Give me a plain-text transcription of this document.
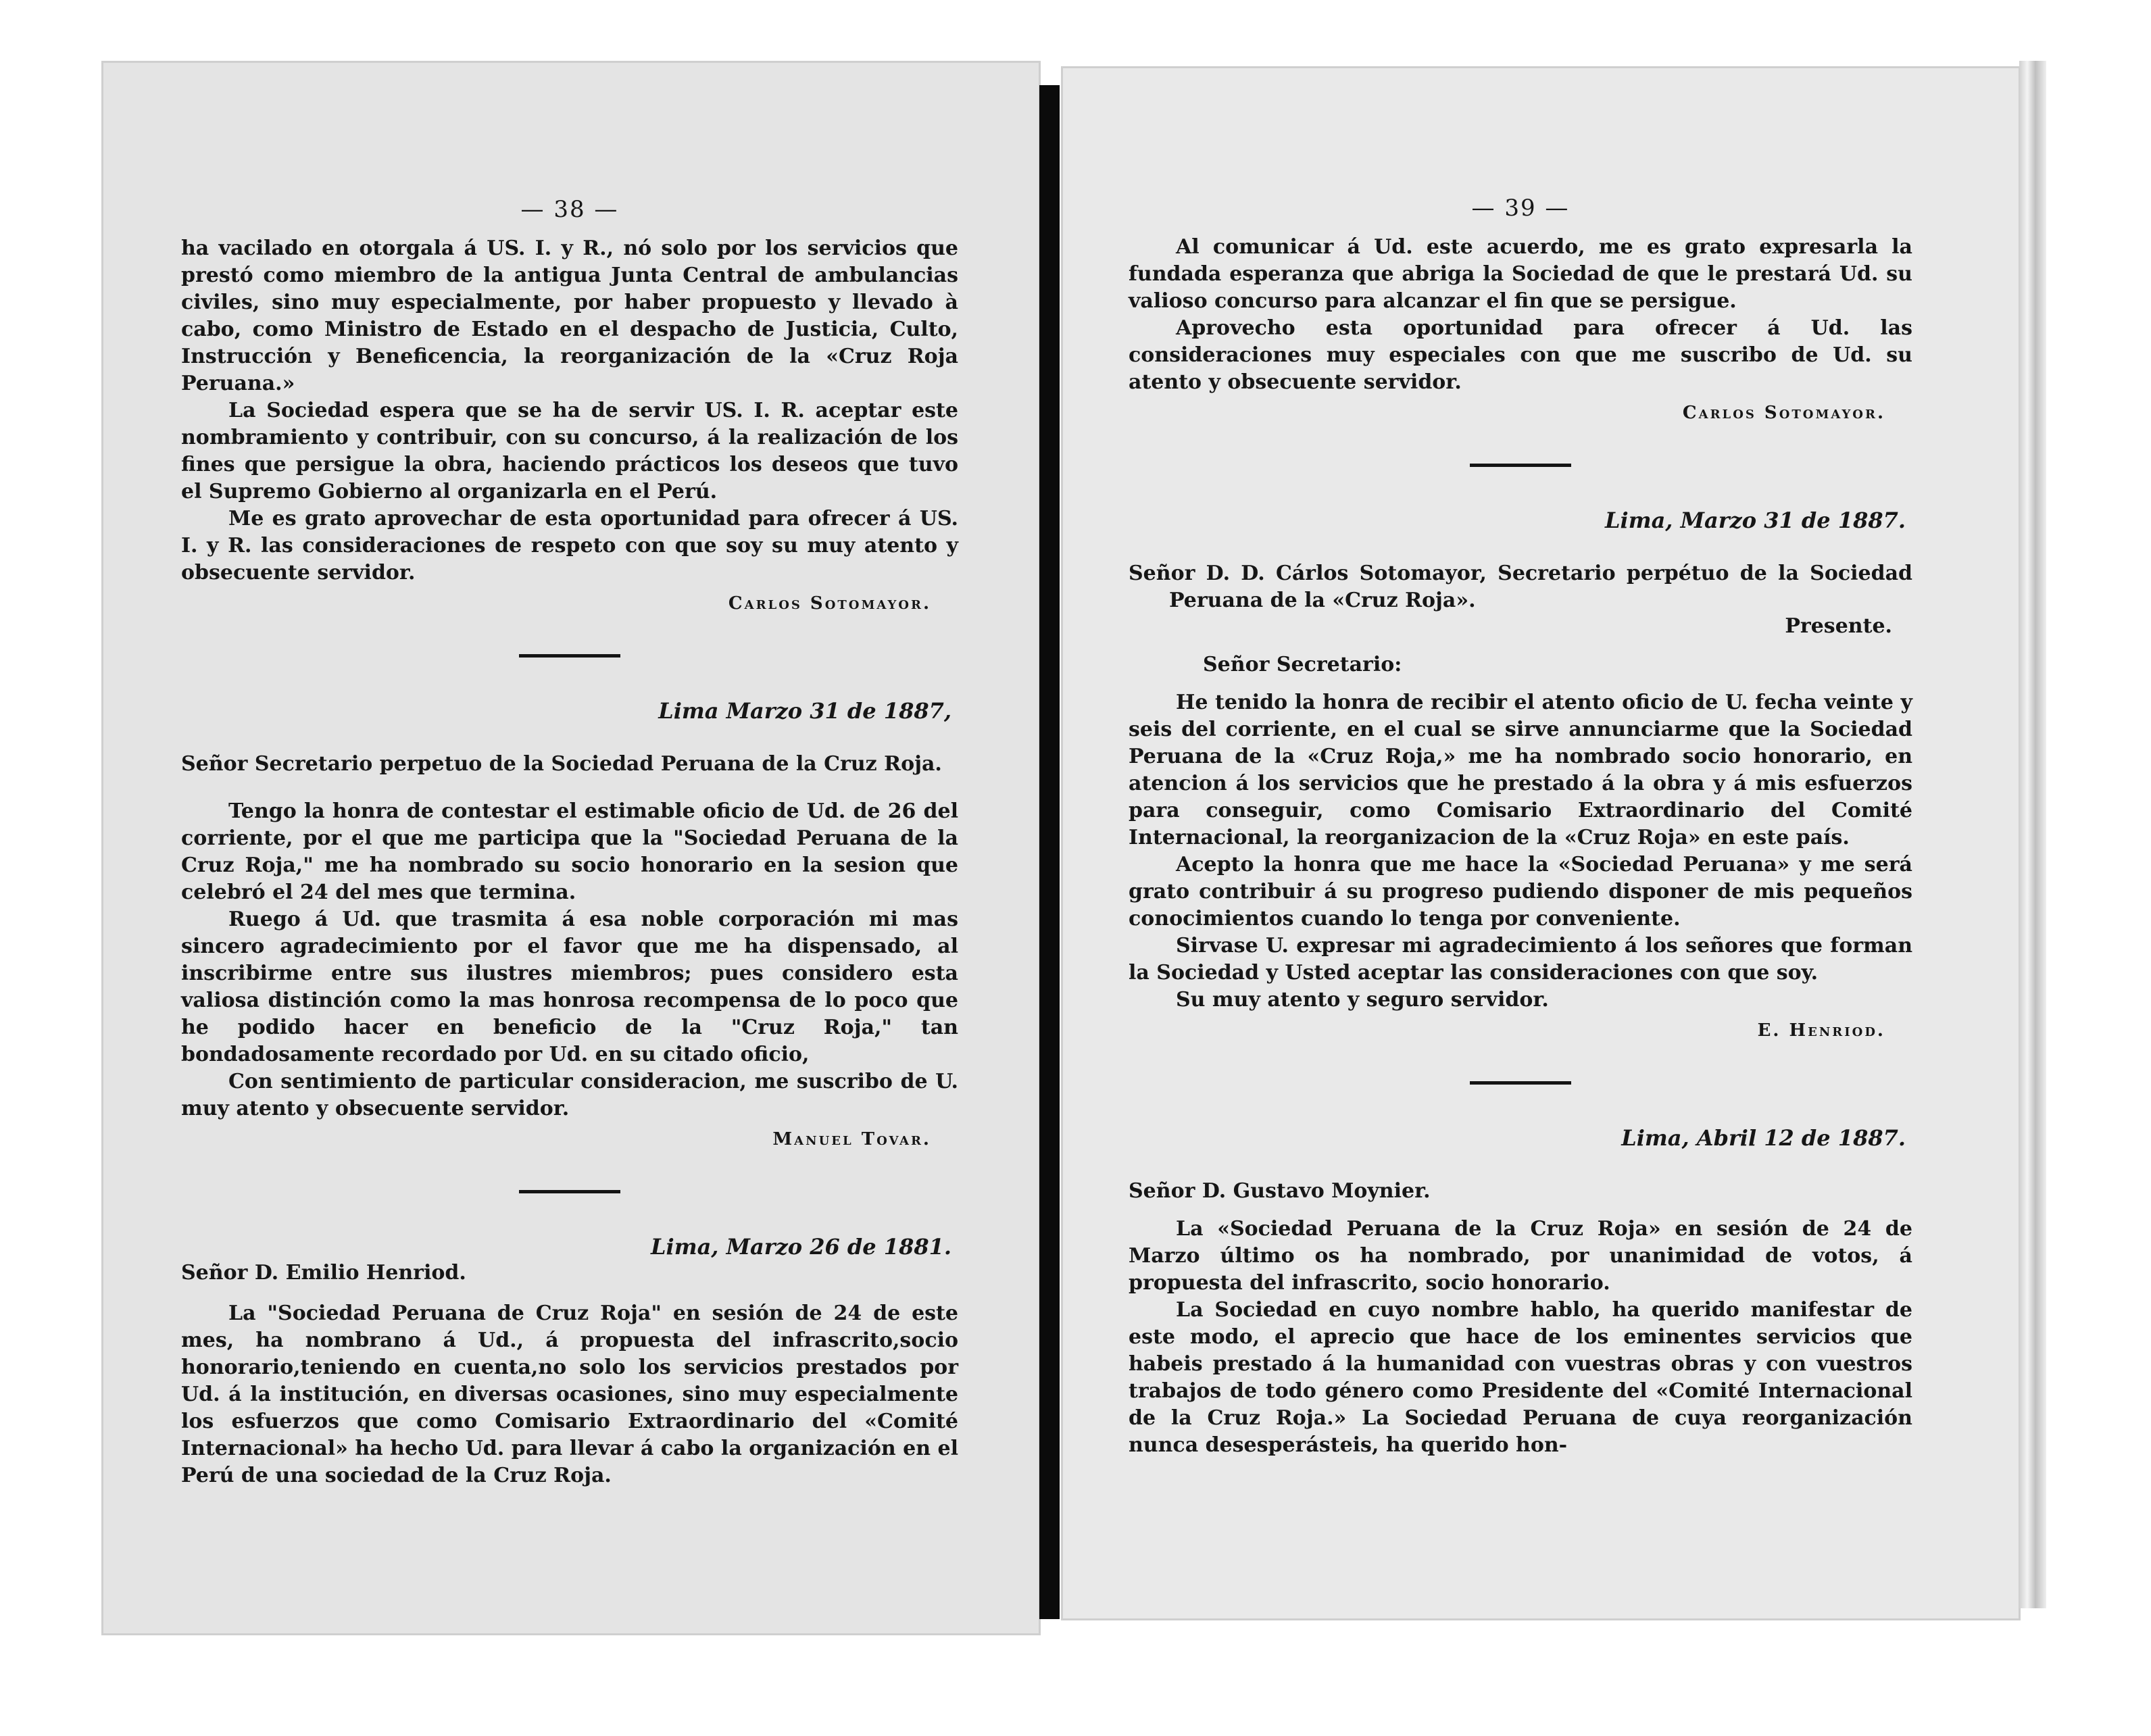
— 38 —

ha vacilado en otorgala á US. I. y R., nó solo por los servicios que prestó como miembro de la antigua Junta Central de ambulancias civiles, sino muy especialmente, por haber propuesto y llevado à cabo, como Ministro de Estado en el despacho de Justicia, Culto, Instrucción y Beneficencia, la reorganización de la «Cruz Roja Peruana.»

La Sociedad espera que se ha de servir US. I. R. aceptar este nombramiento y contribuir, con su concurso, á la realización de los fines que persigue la obra, haciendo prácticos los deseos que tuvo el Supremo Gobierno al organizarla en el Perú.

Me es grato aprovechar de esta oportunidad para ofrecer á US. I. y R. las consideraciones de respeto con que soy su muy atento y obsecuente servidor.

Carlos Sotomayor.
Lima Marzo 31 de 1887,

Señor Secretario perpetuo de la Sociedad Peruana de la Cruz Roja.

Tengo la honra de contestar el estimable oficio de Ud. de 26 del corriente, por el que me participa que la "Sociedad Peruana de la Cruz Roja," me ha nombrado su socio honorario en la sesion que celebró el 24 del mes que termina.

Ruego á Ud. que trasmita á esa noble corporación mi mas sincero agradecimiento por el favor que me ha dispensado, al inscribirme entre sus ilustres miembros; pues considero esta valiosa distinción como la mas honrosa recompensa de lo poco que he podido hacer en beneficio de la "Cruz Roja," tan bondadosamente recordado por Ud. en su citado oficio,

Con sentimiento de particular consideracion, me suscribo de U. muy atento y obsecuente servidor.

Manuel Tovar.
Lima, Marzo 26 de 1881.

Señor D. Emilio Henriod.

La "Sociedad Peruana de Cruz Roja" en sesión de 24 de este mes, ha nombrano á Ud., á propuesta del infrascrito,socio honorario,teniendo en cuenta,no solo los servicios prestados por Ud. á la institución, en diversas ocasiones, sino muy especialmente los esfuerzos que como Comisario Extraordinario del «Comité Internacional» ha hecho Ud. para llevar á cabo la organización en el Perú de una sociedad de la Cruz Roja.

— 39 —

Al comunicar á Ud. este acuerdo, me es grato expresarla la fundada esperanza que abriga la Sociedad de que le prestará Ud. su valioso concurso para alcanzar el fin que se persigue.

Aprovecho esta oportunidad para ofrecer á Ud. las consideraciones muy especiales con que me suscribo de Ud. su atento y obsecuente servidor.

Carlos Sotomayor.
Lima, Marzo 31 de 1887.

Señor D. D. Cárlos Sotomayor, Secretario perpétuo de la Sociedad Peruana de la «Cruz Roja».

Presente.

Señor Secretario:

He tenido la honra de recibir el atento oficio de U. fecha veinte y seis del corriente, en el cual se sirve annunciarme que la Sociedad Peruana de la «Cruz Roja,» me ha nombrado socio honorario, en atencion á los servicios que he prestado á la obra y á mis esfuerzos para conseguir, como Comisario Extraordinario del Comité Internacional, la reorganizacion de la «Cruz Roja» en este país.

Acepto la honra que me hace la «Sociedad Peruana» y me será grato contribuir á su progreso pudiendo disponer de mis pequeños conocimientos cuando lo tenga por conveniente.

Sirvase U. expresar mi agradecimiento á los señores que forman la Sociedad y Usted aceptar las consideraciones con que soy.

Su muy atento y seguro servidor.

E. Henriod.
Lima, Abril 12 de 1887.

Señor D. Gustavo Moynier.

La «Sociedad Peruana de la Cruz Roja» en sesión de 24 de Marzo último os ha nombrado, por unanimidad de votos, á propuesta del infrascrito, socio honorario.

La Sociedad en cuyo nombre hablo, ha querido manifestar de este modo, el aprecio que hace de los eminentes servicios que habeis prestado á la humanidad con vuestras obras y con vuestros trabajos de todo género como Presidente del «Comité Internacional de la Cruz Roja.» La Sociedad Peruana de cuya reorganización nunca desesperásteis, ha querido hon-
